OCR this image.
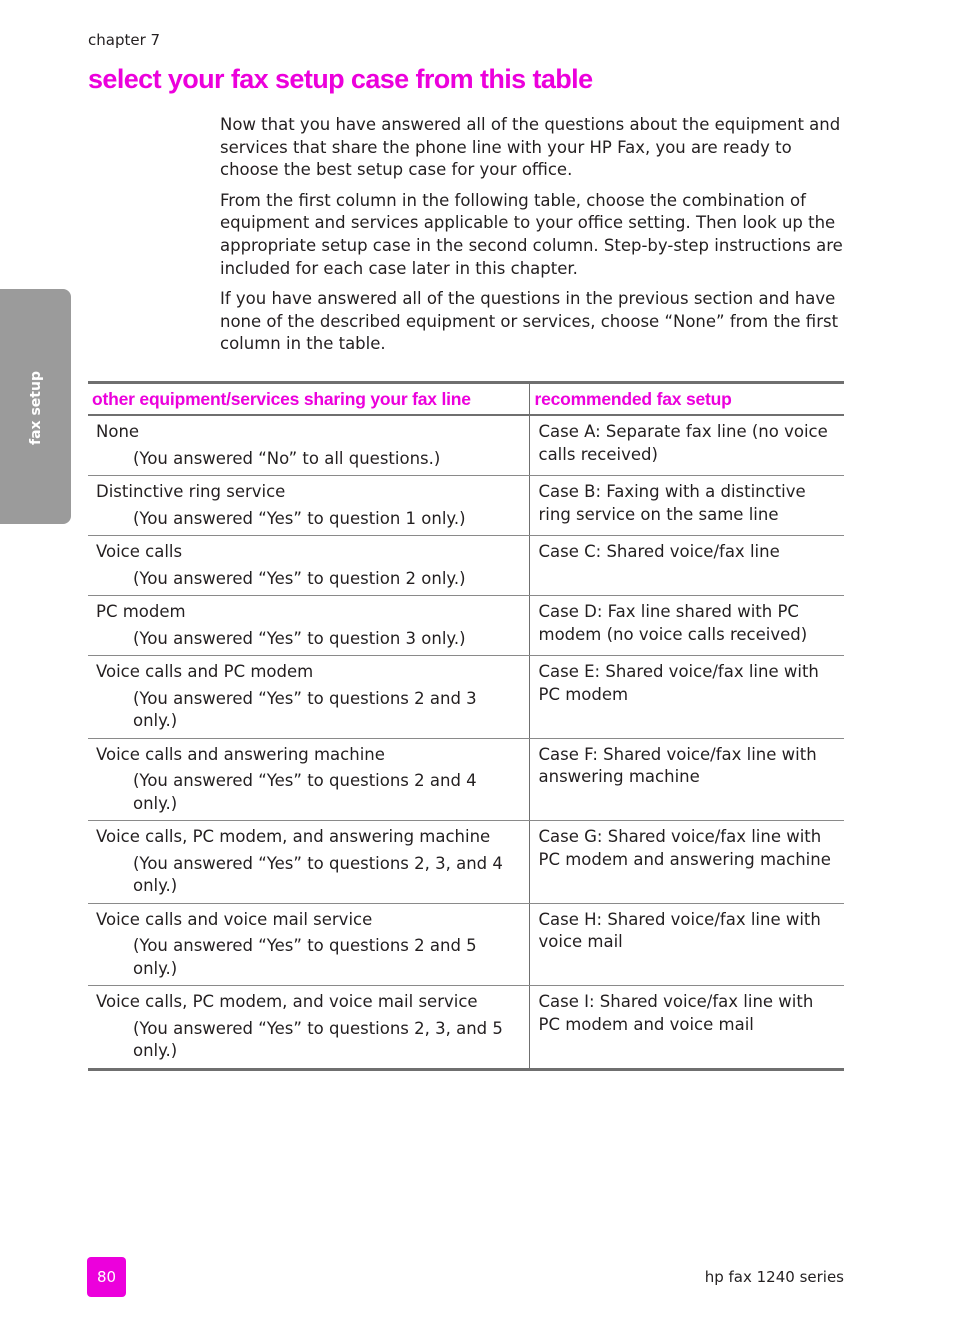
chapter 7
select your fax setup case from this table
fax setup

Now that you have answered all of the questions about the equipment and services that share the phone line with your HP Fax, you are ready to choose the best setup case for your office.

From the first column in the following table, choose the combination of equipment and services applicable to your office setting. Then look up the appropriate setup case in the second column. Step-by-step instructions are included for each case later in this chapter.

If you have answered all of the questions in the previous section and have none of the described equipment or services, choose “None” from the first column in the table.

other equipment/services sharing your fax line	recommended fax setup

None
(You answered “No” to all questions.)	Case A: Separate fax line (no voice calls received)

Distinctive ring service
(You answered “Yes” to question 1 only.)	Case B: Faxing with a distinctive ring service on the same line

Voice calls
(You answered “Yes” to question 2 only.)	Case C: Shared voice/fax line

PC modem
(You answered “Yes” to question 3 only.)	Case D: Fax line shared with PC modem (no voice calls received)

Voice calls and PC modem
(You answered “Yes” to questions 2 and 3 only.)	Case E: Shared voice/fax line with PC modem

Voice calls and answering machine
(You answered “Yes” to questions 2 and 4 only.)	Case F: Shared voice/fax line with answering machine

Voice calls, PC modem, and answering machine
(You answered “Yes” to questions 2, 3, and 4 only.)	Case G: Shared voice/fax line with PC modem and answering machine

Voice calls and voice mail service
(You answered “Yes” to questions 2 and 5 only.)	Case H: Shared voice/fax line with voice mail

Voice calls, PC modem, and voice mail service
(You answered “Yes” to questions 2, 3, and 5 only.)	Case I: Shared voice/fax line with PC modem and voice mail
80	hp fax 1240 series
